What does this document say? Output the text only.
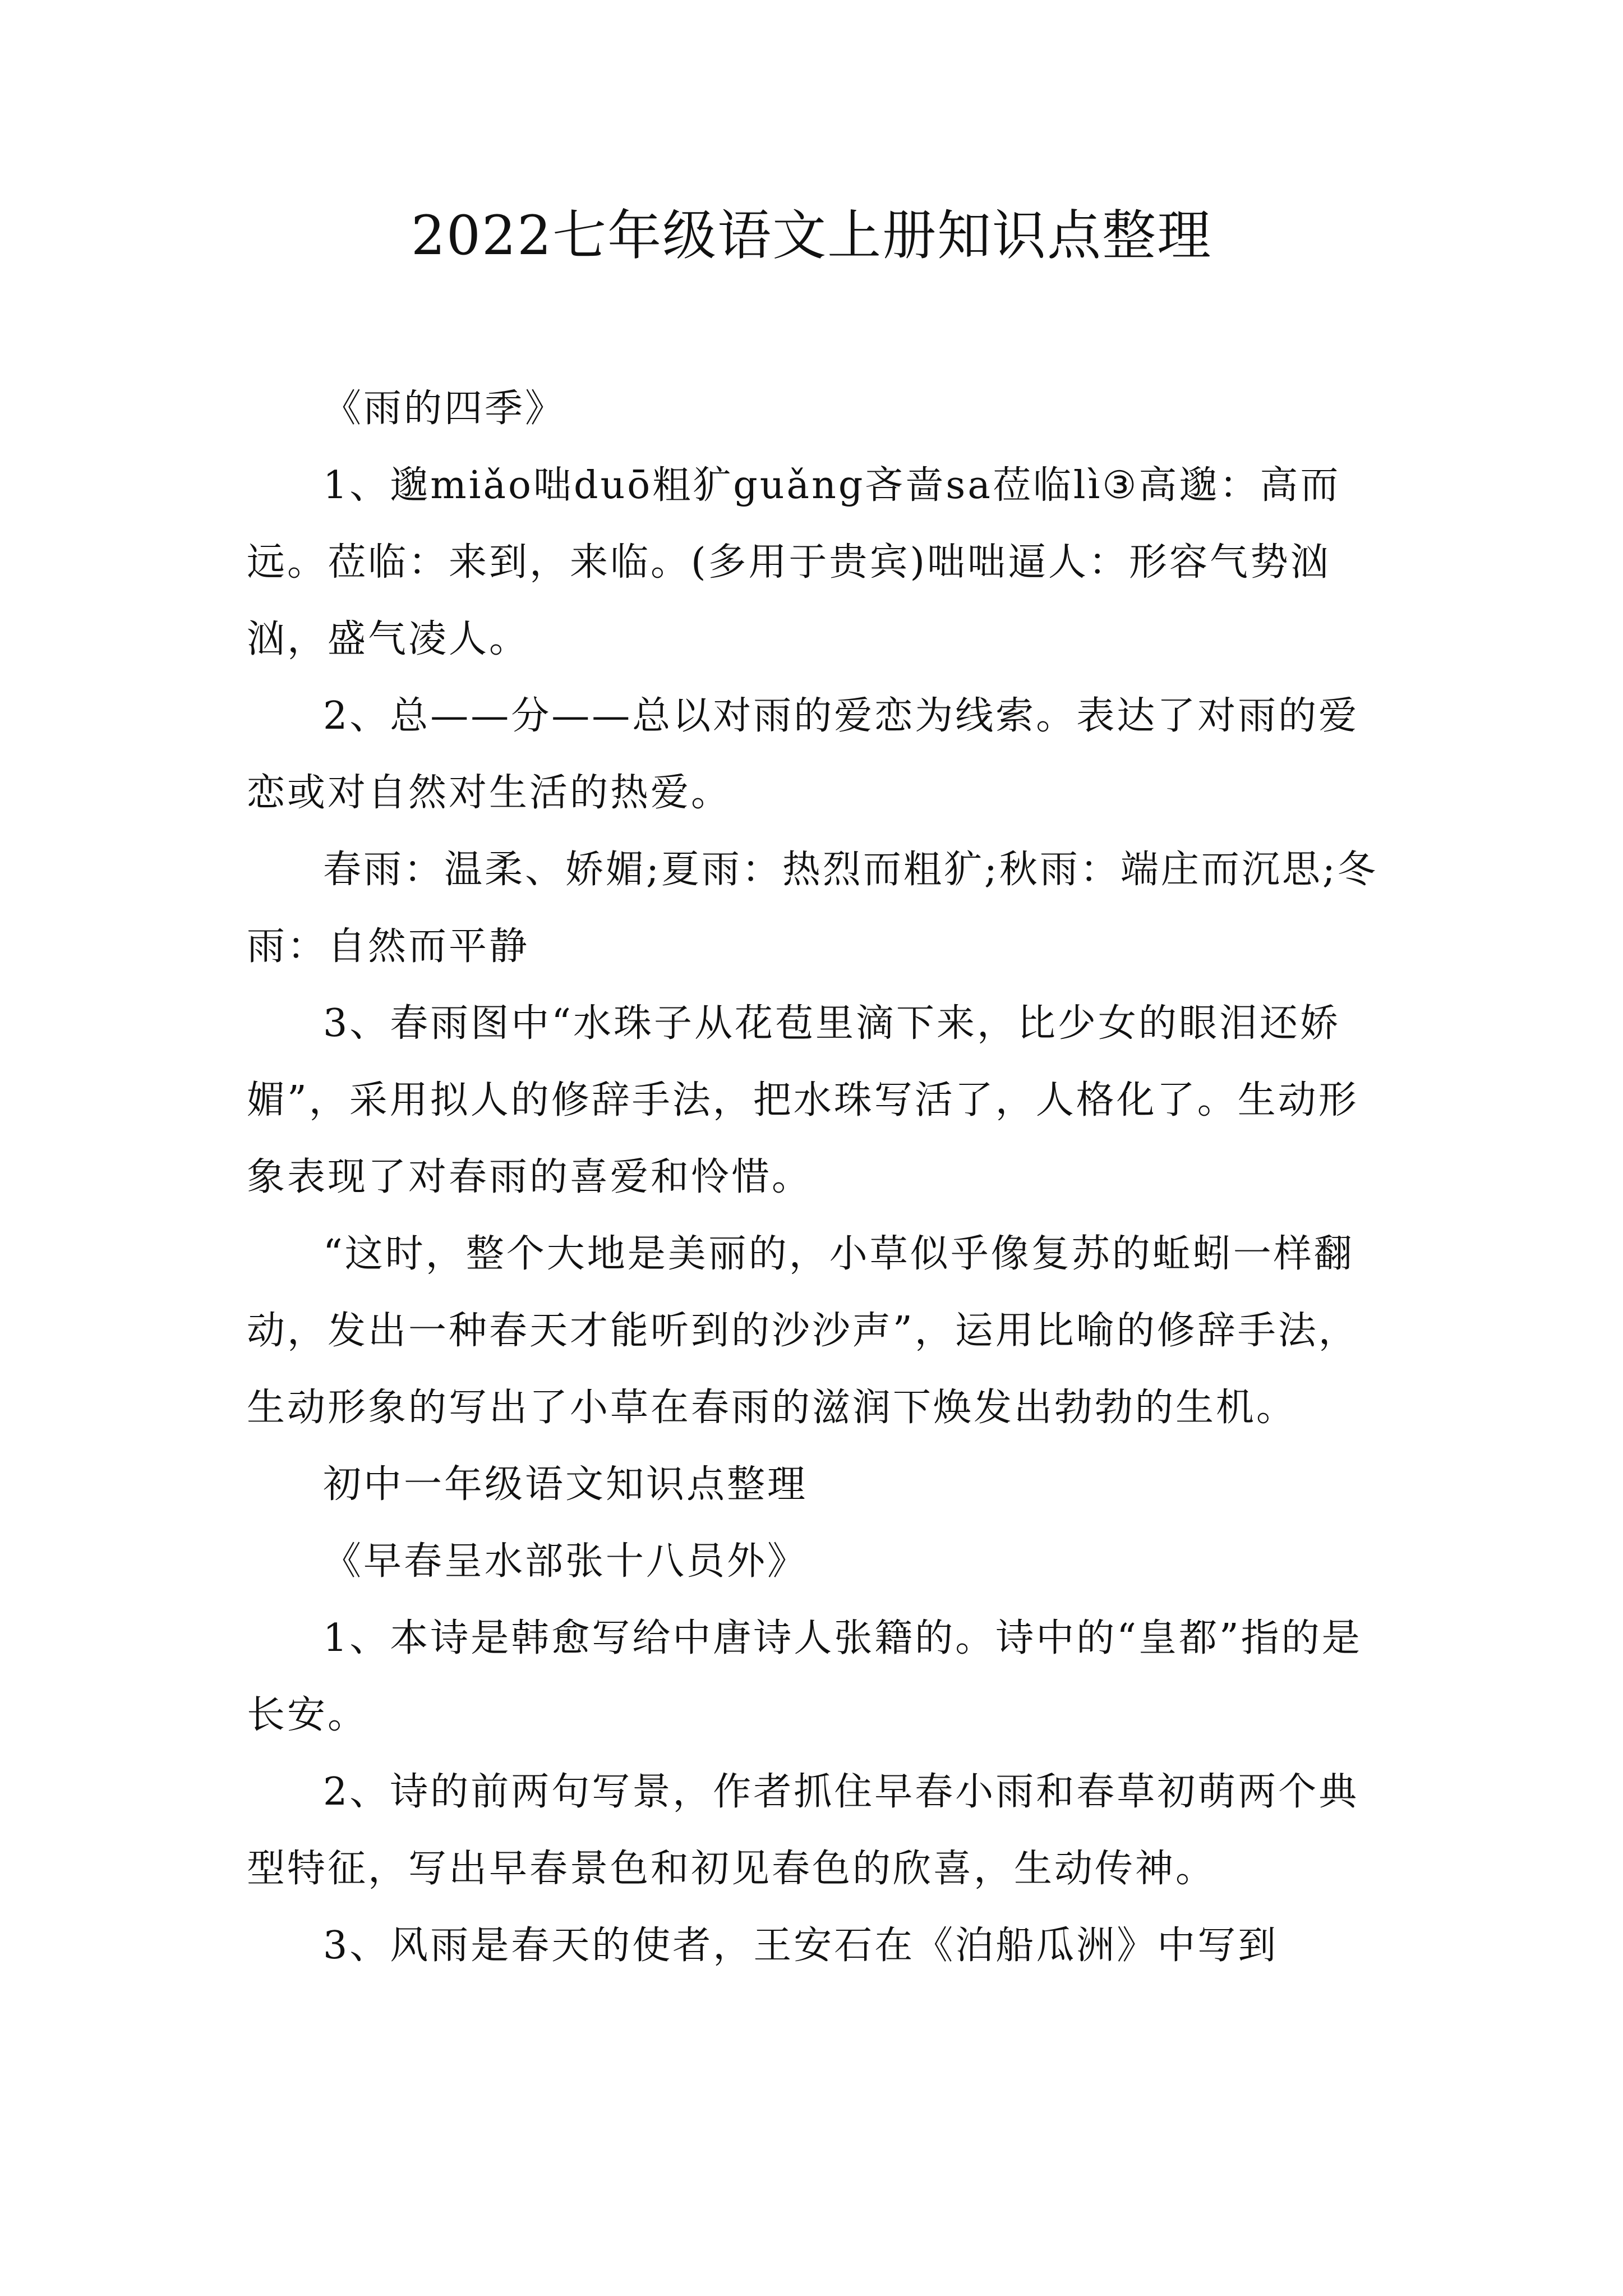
2022七年级语文上册知识点整理

《雨的四季》

1、邈miǎo咄duō粗犷guǎng吝啬sa莅临lì③高邈：高而远。莅临：来到，来临。(多用于贵宾)咄咄逼人：形容气势汹汹，盛气凌人。

2、总——分——总以对雨的爱恋为线索。表达了对雨的爱恋或对自然对生活的热爱。

春雨：温柔、娇媚;夏雨：热烈而粗犷;秋雨：端庄而沉思;冬雨：自然而平静

3、春雨图中“水珠子从花苞里滴下来，比少女的眼泪还娇媚”，采用拟人的修辞手法，把水珠写活了，人格化了。生动形象表现了对春雨的喜爱和怜惜。

“这时，整个大地是美丽的，小草似乎像复苏的蚯蚓一样翻动，发出一种春天才能听到的沙沙声”，运用比喻的修辞手法，生动形象的写出了小草在春雨的滋润下焕发出勃勃的生机。

初中一年级语文知识点整理

《早春呈水部张十八员外》

1、本诗是韩愈写给中唐诗人张籍的。诗中的“皇都”指的是长安。

2、诗的前两句写景，作者抓住早春小雨和春草初萌两个典型特征，写出早春景色和初见春色的欣喜，生动传神。

3、风雨是春天的使者，王安石在《泊船瓜洲》中写到
